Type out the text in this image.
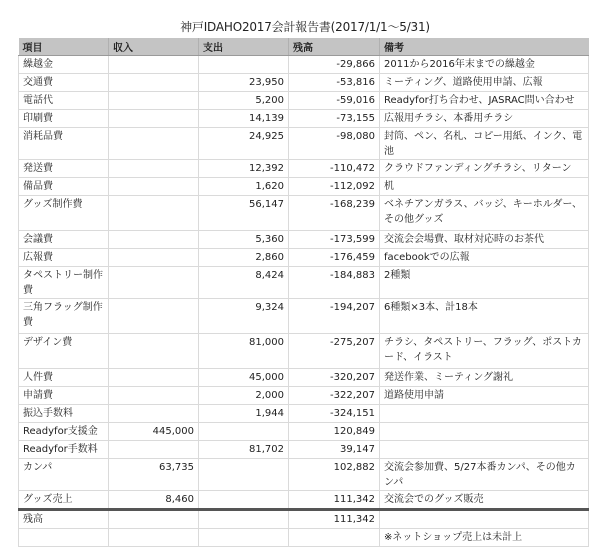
神戸IDAHO2017会計報告書(2017/1/1〜5/31)
項目	収入	支出	残高	備考
繰越金			-29,866	2011から2016年末までの繰越金
交通費		23,950	-53,816	ミーティング、道路使用申請、広報
電話代		5,200	-59,016	Readyfor打ち合わせ、JASRAC問い合わせ
印刷費		14,139	-73,155	広報用チラシ、本番用チラシ
消耗品費		24,925	-98,080	封筒、ペン、名札、コピー用紙、インク、電池
発送費		12,392	-110,472	クラウドファンディングチラシ、リターン
備品費		1,620	-112,092	机
グッズ制作費		56,147	-168,239	ベネチアンガラス、バッジ、キーホルダー、その他グッズ
会議費		5,360	-173,599	交流会会場費、取材対応時のお茶代
広報費		2,860	-176,459	facebookでの広報
タペストリー制作費		8,424	-184,883	2種類
三角フラッグ制作費		9,324	-194,207	6種類×3本、計18本
デザイン費		81,000	-275,207	チラシ、タペストリー、フラッグ、ポストカード、イラスト
人件費		45,000	-320,207	発送作業、ミーティング謝礼
申請費		2,000	-322,207	道路使用申請
振込手数料		1,944	-324,151	
Readyfor支援金	445,000		120,849	
Readyfor手数料		81,702	39,147	
カンパ	63,735		102,882	交流会参加費、5/27本番カンパ、その他カンパ
グッズ売上	8,460		111,342	交流会でのグッズ販売
残高			111,342	
				※ネットショップ売上は未計上
